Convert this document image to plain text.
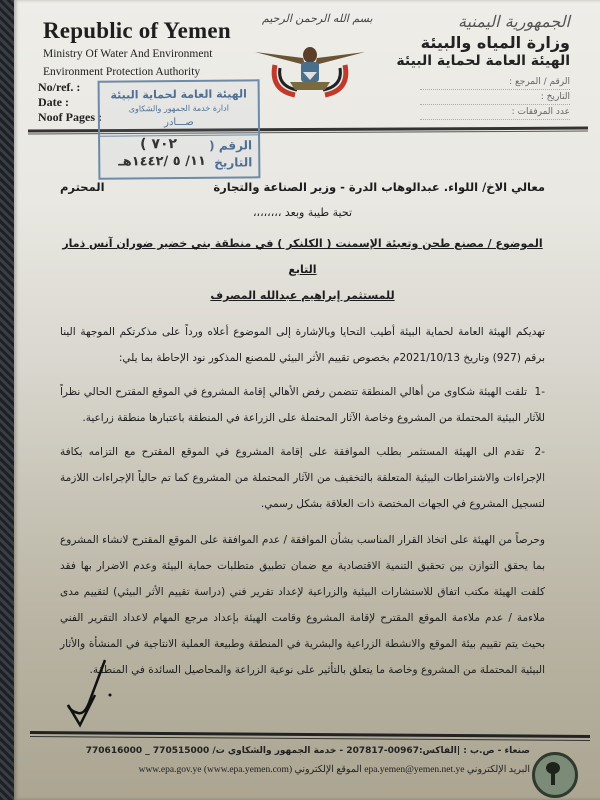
Republic of Yemen
Ministry Of Water And Environment
Environment Protection Authority
No/ref. :
Date :
Noof Pages :
بسم الله الرحمن الرحيم	الجمهورية اليمنية
وزارة المياه والبيئة
الهيئة العامة لحماية البيئة
الرقم / المرجع :
التاريخ :
عدد المرفقات :
الهيئة العامة لحماية البيئة
ادارة خدمة الجمهور والشكاوى
صـــادر
الرقم (
٧٠٢ )
التاريخ
١١/ ٥ /١٤٤٢هـ
معالي الاخ/ اللواء. عبدالوهاب الدرة - وزير الصناعة والتجارة
المحترم
تحية طيبة وبعد ،،،،،،،،
الموضوع / مصنع طحن وتعبئة الإسمنت ( الكلنكر ) في منطقة بني خضير ضوران آنس ذمار التابع
للمستثمر إبراهيم عبدالله المصرف
تهديكم الهيئة العامة لحماية البيئة أطيب التحايا وبالإشارة إلى الموضوع أعلاه ورداً على مذكرتكم الموجهة الينا برقم (927) وتاريخ 2021/10/13م بخصوص تقييم الأثر البيئي للمصنع المذكور نود الإحاطة بما يلي:
-1 تلقت الهيئة شكاوى من أهالي المنطقة تتضمن رفض الأهالي إقامة المشروع في الموقع المقترح الحالي نظراً للآثار البيئية المحتملة من المشروع وخاصة الآثار المحتملة على الزراعة في المنطقة باعتبارها منطقة زراعية.
-2 تقدم الى الهيئة المستثمر بطلب الموافقة على إقامة المشروع في الموقع المقترح مع التزامه بكافة الإجراءات والاشتراطات البيئية المتعلقة بالتخفيف من الآثار المحتملة من المشروع كما تم حالياً الإجراءات اللازمة لتسجيل المشروع في الجهات المختصة ذات العلاقة بشكل رسمي.
وحرصاً من الهيئة على اتخاذ القرار المناسب بشأن الموافقة / عدم الموافقة على الموقع المقترح لانشاء المشروع بما يحقق التوازن بين تحقيق التنمية الاقتصادية مع ضمان تطبيق متطلبات حماية البيئة وعدم الاضرار بها فقد كلفت الهيئة مكتب اتفاق للاستشارات البيئية والزراعية لإعداد تقرير فني (دراسة تقييم الأثر البيئي) لتقييم مدى ملاءمة / عدم ملاءمة الموقع المقترح لإقامة المشروع وقامت الهيئة بإعداد مرجع المهام لاعداد التقرير الفني بحيث يتم تقييم بيئة الموقع والانشطة الزراعية والبشرية في المنطقة وطبيعة العملية الانتاجية في المنشأة والأثار البيئية المحتملة من المشروع وخاصة ما يتعلق بالتأثير على نوعية الزراعة والمحاصيل السائدة في المنطقة.
صنعاء - ص.ب : |الفاكس:00967-207817 - خدمة الجمهور والشكاوي ت/ 770515000 _ 770616000
البريد الإلكتروني epa.yemen@yemen.net.ye الموقع الإلكتروني www.epa.gov.ye (www.epa.yemen.com)
